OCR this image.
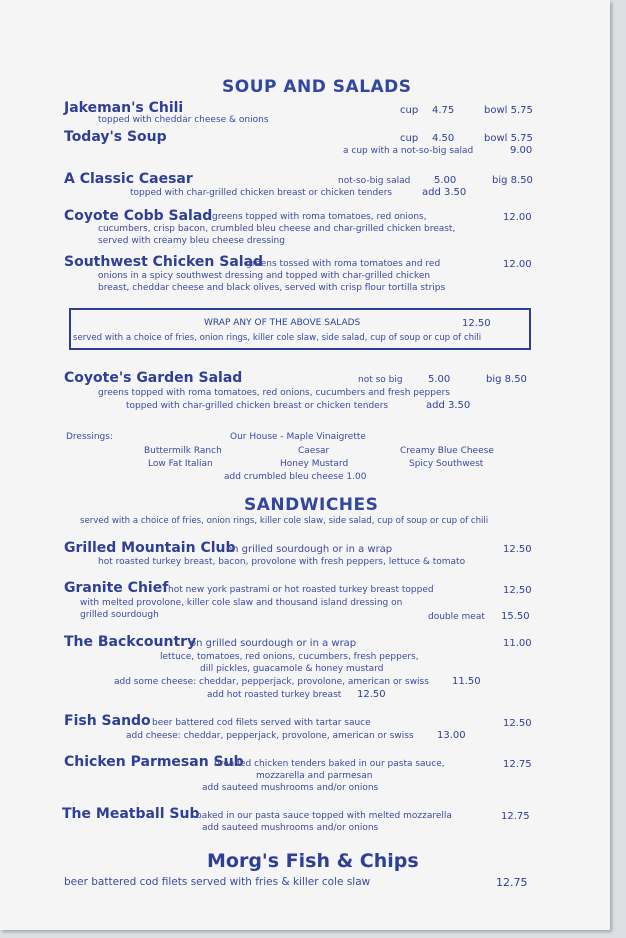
SOUP AND SALADS
Jakeman's Chili
topped with cheddar cheese & onions
cup 4.75	bowl 5.75
Today's Soup	cup 4.50	bowl 5.75
a cup with a not-so-big salad	9.00
A Classic Caesar	not-so-big salad 5.00	big 8.50
topped with char-grilled chicken breast or chicken tenders	add 3.50
Coyote Cobb Salad greens topped with roma tomatoes, red onions,
cucumbers, crisp bacon, crumbled bleu cheese and char-grilled chicken breast,
served with creamy bleu cheese dressing
12.00
Southwest Chicken Salad
greens tossed with roma tomatoes and red
onions in a spicy southwest dressing and topped with char-grilled chicken
breast, cheddar cheese and black olives, served with crisp flour tortilla strips
12.00
WRAP ANY OF THE ABOVE SALADS	12.50
served with a choice of fries, onion rings, killer cole slaw, side salad, cup of soup or cup of chili
Coyote's Garden Salad	not so big	5.00	big 8.50
greens topped with roma tomatoes, red onions, cucumbers and fresh peppers
topped with char-grilled chicken breast or chicken tenders	add 3.50
Dressings:	Our House - Maple Vinaigrette
Buttermilk Ranch	Caesar	Creamy Blue Cheese
Low Fat Italian	Honey Mustard	Spicy Southwest
add crumbled bleu cheese 1.00
SANDWICHES
served with a choice of fries, onion rings, killer cole slaw, side salad, cup of soup or cup of chili
Grilled Mountain Club
on grilled sourdough or in a wrap
hot roasted turkey breast, bacon, provolone with fresh peppers, lettuce & tomato
12.50
Granite Chief hot new york pastrami or hot roasted turkey breast topped
with melted provolone, killer cole slaw and thousand island dressing on
grilled sourdough
12.50
double meat 15.50
The Backcountry
on grilled sourdough or in a wrap	11.00
lettuce, tomatoes, red onions, cucumbers, fresh peppers,
dill pickles, guacamole & honey mustard
add some cheese: cheddar, pepperjack, provolone, american or swiss 11.50
add hot roasted turkey breast 12.50
Fish Sando beer battered cod filets served with tartar sauce
add cheese: cheddar, pepperjack, provolone, american or swiss 13.00
12.50
Chicken Parmesan Sub
breaded chicken tenders baked in our pasta sauce,
mozzarella and parmesan
add sauteed mushrooms and/or onions
12.75
The Meatball Sub
baked in our pasta sauce topped with melted mozzarella
add sauteed mushrooms and/or onions
12.75
Morg's Fish & Chips
beer battered cod filets served with fries & killer cole slaw	12.75
